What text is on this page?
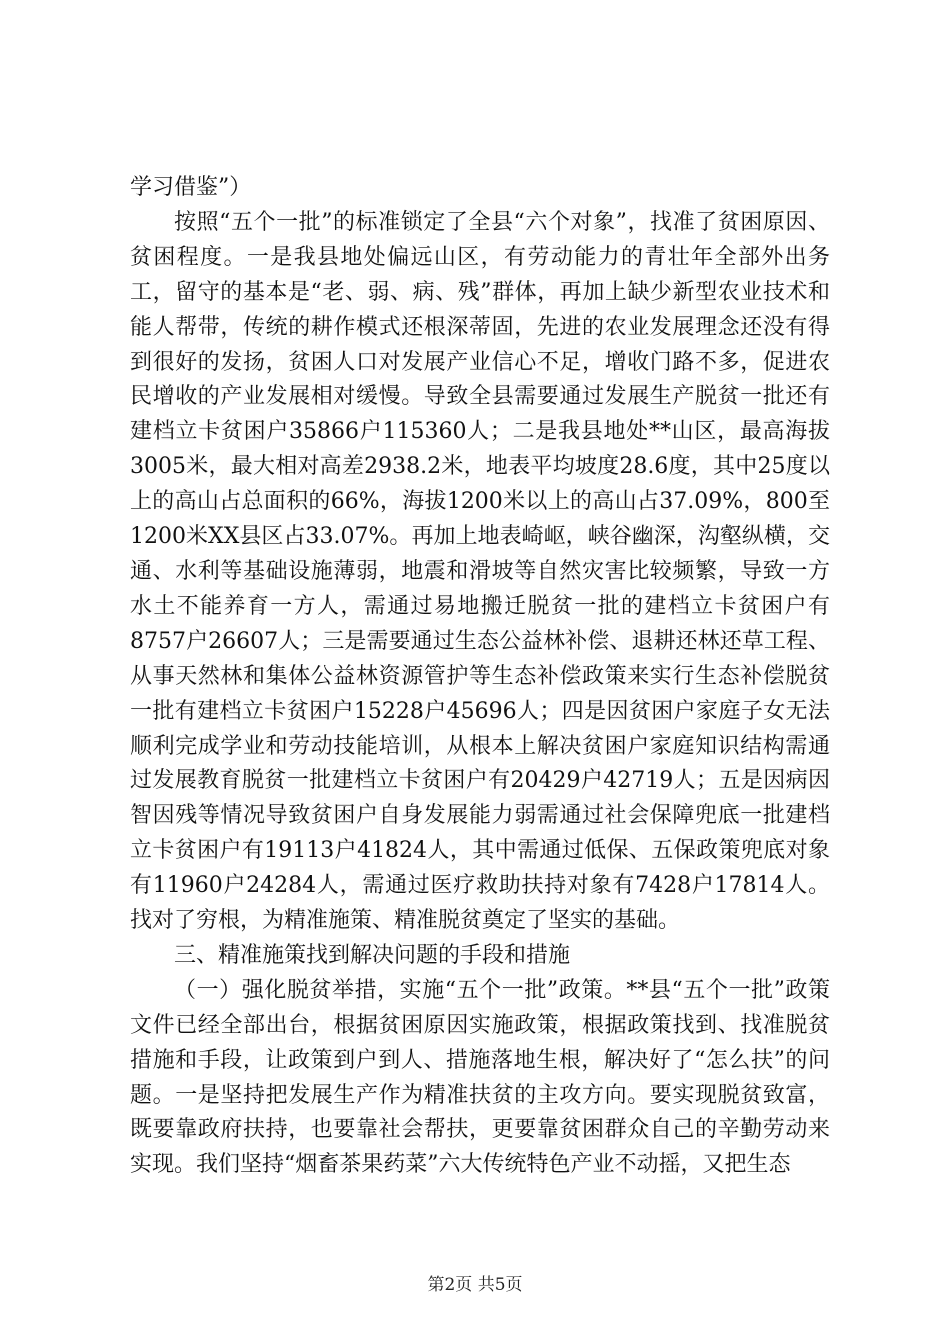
学习借鉴”）

按照“五个一批”的标准锁定了全县“六个对象”，找准了贫困原因、贫困程度。一是我县地处偏远山区，有劳动能力的青壮年全部外出务工，留守的基本是“老、弱、病、残”群体，再加上缺少新型农业技术和能人帮带，传统的耕作模式还根深蒂固，先进的农业发展理念还没有得到很好的发扬，贫困人口对发展产业信心不足，增收门路不多，促进农民增收的产业发展相对缓慢。导致全县需要通过发展生产脱贫一批还有建档立卡贫困户35866户115360人；二是我县地处**山区，最高海拔3005米，最大相对高差2938.2米，地表平均坡度28.6度，其中25度以上的高山占总面积的66%，海拔1200米以上的高山占37.09%，800至1200米XX县区占33.07%。再加上地表崎岖，峡谷幽深，沟壑纵横，交通、水利等基础设施薄弱，地震和滑坡等自然灾害比较频繁，导致一方水土不能养育一方人，需通过易地搬迁脱贫一批的建档立卡贫困户有8757户26607人；三是需要通过生态公益林补偿、退耕还林还草工程、从事天然林和集体公益林资源管护等生态补偿政策来实行生态补偿脱贫一批有建档立卡贫困户15228户45696人；四是因贫困户家庭子女无法顺利完成学业和劳动技能培训，从根本上解决贫困户家庭知识结构需通过发展教育脱贫一批建档立卡贫困户有20429户42719人；五是因病因智因残等情况导致贫困户自身发展能力弱需通过社会保障兜底一批建档立卡贫困户有19113户41824人，其中需通过低保、五保政策兜底对象有11960户24284人，需通过医疗救助扶持对象有7428户17814人。找对了穷根，为精准施策、精准脱贫奠定了坚实的基础。

三、精准施策找到解决问题的手段和措施

（一）强化脱贫举措，实施“五个一批”政策。**县“五个一批”政策文件已经全部出台，根据贫困原因实施政策，根据政策找到、找准脱贫措施和手段，让政策到户到人、措施落地生根，解决好了“怎么扶”的问题。一是坚持把发展生产作为精准扶贫的主攻方向。要实现脱贫致富，既要靠政府扶持，也要靠社会帮扶，更要靠贫困群众自己的辛勤劳动来实现。我们坚持“烟畜茶果药菜”六大传统特色产业不动摇，又把生态

第2页 共5页
